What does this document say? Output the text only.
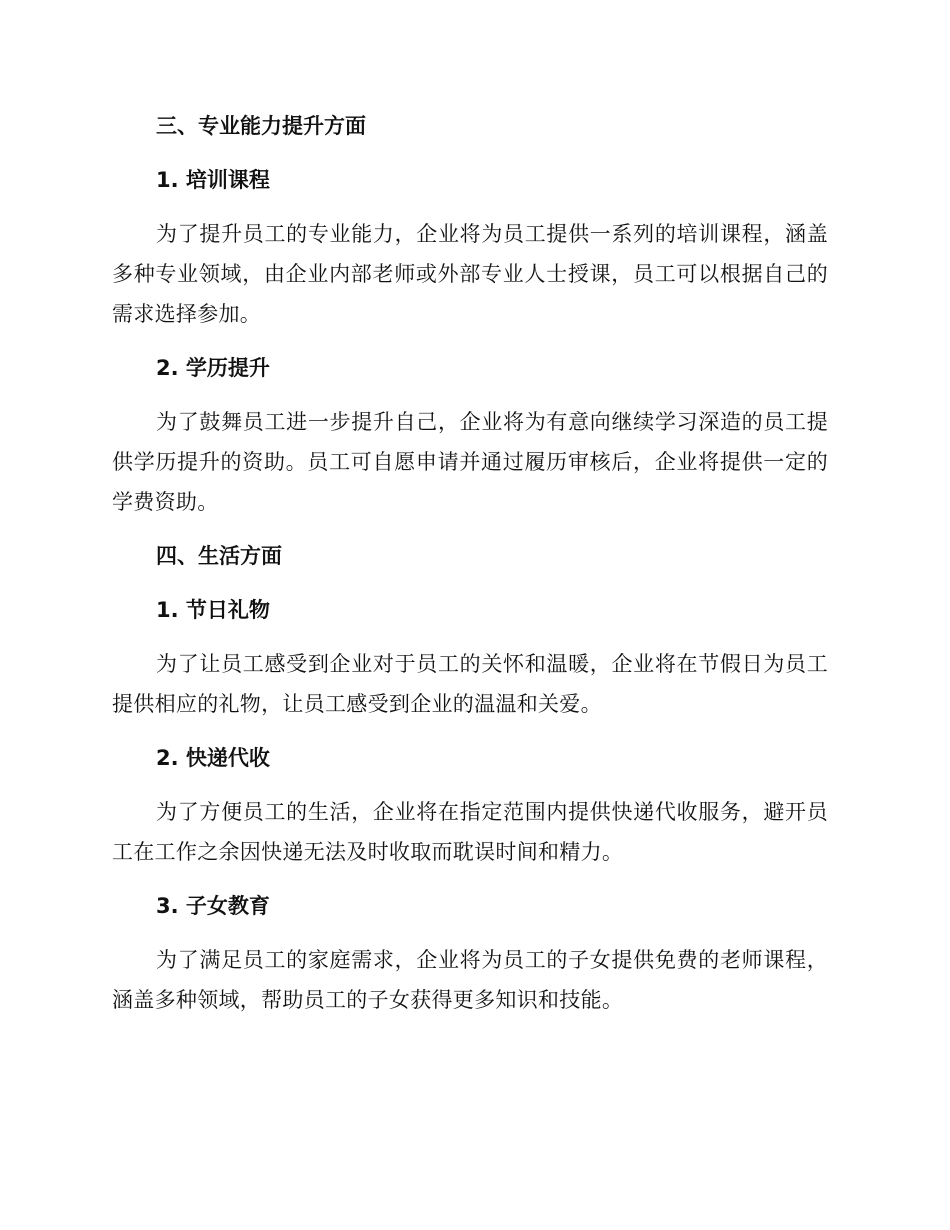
三、专业能力提升方面

1. 培训课程

为了提升员工的专业能力，企业将为员工提供一系列的培训课程，涵盖多种专业领域，由企业内部老师或外部专业人士授课，员工可以根据自己的需求选择参加。

2. 学历提升

为了鼓舞员工进一步提升自己，企业将为有意向继续学习深造的员工提供学历提升的资助。员工可自愿申请并通过履历审核后，企业将提供一定的学费资助。

四、生活方面

1. 节日礼物

为了让员工感受到企业对于员工的关怀和温暖，企业将在节假日为员工提供相应的礼物，让员工感受到企业的温温和关爱。

2. 快递代收

为了方便员工的生活，企业将在指定范围内提供快递代收服务，避开员工在工作之余因快递无法及时收取而耽误时间和精力。

3. 子女教育

为了满足员工的家庭需求，企业将为员工的子女提供免费的老师课程，涵盖多种领域，帮助员工的子女获得更多知识和技能。
